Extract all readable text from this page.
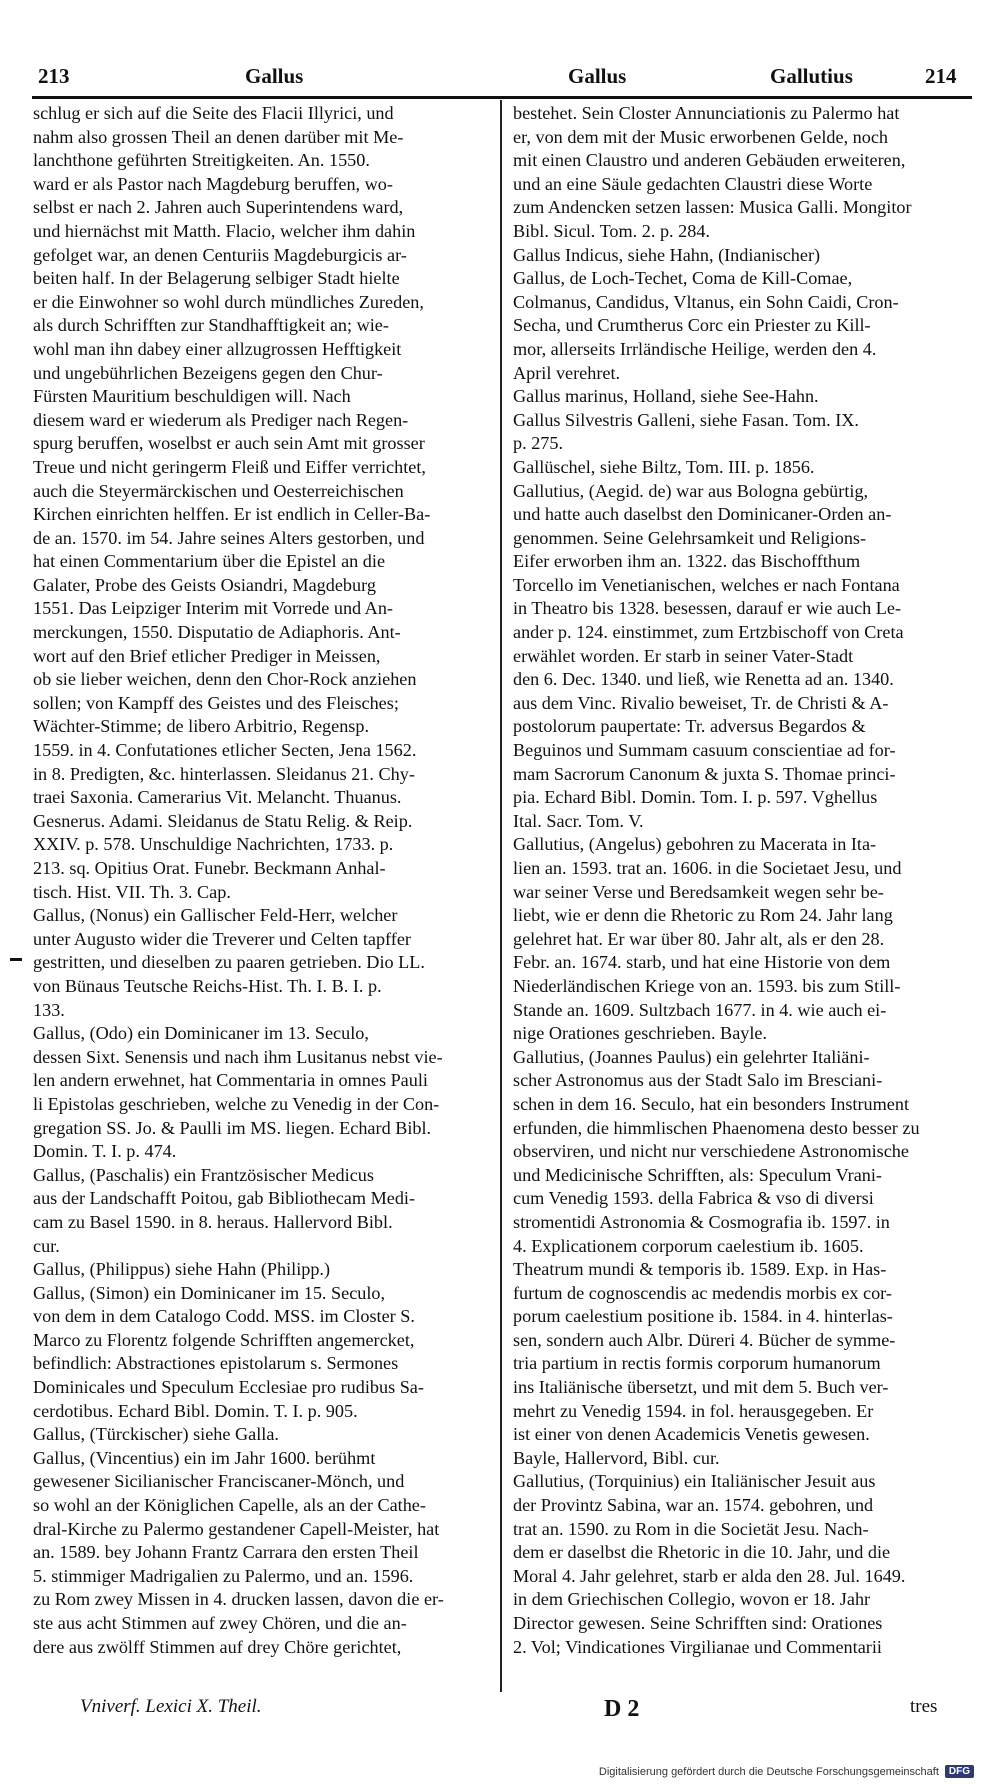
213	Gallus	Gallus	Gallutius	214
schlug er sich auf die Seite des Flacii Illyrici, und
nahm also grossen Theil an denen darüber mit Me-
lanchthone geführten Streitigkeiten. An. 1550.
ward er als Pastor nach Magdeburg beruffen, wo-
selbst er nach 2. Jahren auch Superintendens ward,
und hiernächst mit Matth. Flacio, welcher ihm dahin
gefolget war, an denen Centuriis Magdeburgicis ar-
beiten half. In der Belagerung selbiger Stadt hielte
er die Einwohner so wohl durch mündliches Zureden,
als durch Schrifften zur Standhafftigkeit an; wie-
wohl man ihn dabey einer allzugrossen Hefftigkeit
und ungebührlichen Bezeigens gegen den Chur-
Fürsten Mauritium beschuldigen will. Nach
diesem ward er wiederum als Prediger nach Regen-
spurg beruffen, woselbst er auch sein Amt mit grosser
Treue und nicht geringerm Fleiß und Eiffer verrichtet,
auch die Steyermärckischen und Oesterreichischen
Kirchen einrichten helffen. Er ist endlich in Celler-Ba-
de an. 1570. im 54. Jahre seines Alters gestorben, und
hat einen Commentarium über die Epistel an die
Galater, Probe des Geists Osiandri, Magdeburg
1551. Das Leipziger Interim mit Vorrede und An-
merckungen, 1550. Disputatio de Adiaphoris. Ant-
wort auf den Brief etlicher Prediger in Meissen,
ob sie lieber weichen, denn den Chor-Rock anziehen
sollen; von Kampff des Geistes und des Fleisches;
Wächter-Stimme; de libero Arbitrio, Regensp.
1559. in 4. Confutationes etlicher Secten, Jena 1562.
in 8. Predigten, &c. hinterlassen. Sleidanus 21. Chy-
traei Saxonia. Camerarius Vit. Melancht. Thuanus.
Gesnerus. Adami. Sleidanus de Statu Relig. & Reip.
XXIV. p. 578. Unschuldige Nachrichten, 1733. p.
213. sq. Opitius Orat. Funebr. Beckmann Anhal-
tisch. Hist. VII. Th. 3. Cap.
Gallus, (Nonus) ein Gallischer Feld-Herr, welcher
unter Augusto wider die Treverer und Celten tapffer
gestritten, und dieselben zu paaren getrieben. Dio LL.
von Bünaus Teutsche Reichs-Hist. Th. I. B. I. p.
133.
Gallus, (Odo) ein Dominicaner im 13. Seculo,
dessen Sixt. Senensis und nach ihm Lusitanus nebst vie-
len andern erwehnet, hat Commentaria in omnes Pauli
li Epistolas geschrieben, welche zu Venedig in der Con-
gregation SS. Jo. & Paulli im MS. liegen. Echard Bibl.
Domin. T. I. p. 474.
Gallus, (Paschalis) ein Frantzösischer Medicus
aus der Landschafft Poitou, gab Bibliothecam Medi-
cam zu Basel 1590. in 8. heraus. Hallervord Bibl.
cur.
Gallus, (Philippus) siehe Hahn (Philipp.)
Gallus, (Simon) ein Dominicaner im 15. Seculo,
von dem in dem Catalogo Codd. MSS. im Closter S.
Marco zu Florentz folgende Schrifften angemercket,
befindlich: Abstractiones epistolarum s. Sermones
Dominicales und Speculum Ecclesiae pro rudibus Sa-
cerdotibus. Echard Bibl. Domin. T. I. p. 905.
Gallus, (Türckischer) siehe Galla.
Gallus, (Vincentius) ein im Jahr 1600. berühmt
gewesener Sicilianischer Franciscaner-Mönch, und
so wohl an der Königlichen Capelle, als an der Cathe-
dral-Kirche zu Palermo gestandener Capell-Meister, hat
an. 1589. bey Johann Frantz Carrara den ersten Theil
5. stimmiger Madrigalien zu Palermo, und an. 1596.
zu Rom zwey Missen in 4. drucken lassen, davon die er-
ste aus acht Stimmen auf zwey Chören, und die an-
dere aus zwölff Stimmen auf drey Chöre gerichtet,
bestehet. Sein Closter Annunciationis zu Palermo hat
er, von dem mit der Music erworbenen Gelde, noch
mit einen Claustro und anderen Gebäuden erweiteren,
und an eine Säule gedachten Claustri diese Worte
zum Andencken setzen lassen: Musica Galli. Mongitor
Bibl. Sicul. Tom. 2. p. 284.
Gallus Indicus, siehe Hahn, (Indianischer)
Gallus, de Loch-Techet, Coma de Kill-Comae,
Colmanus, Candidus, Vltanus, ein Sohn Caidi, Cron-
Secha, und Crumtherus Corc ein Priester zu Kill-
mor, allerseits Irrländische Heilige, werden den 4.
April verehret.
Gallus marinus, Holland, siehe See-Hahn.
Gallus Silvestris Galleni, siehe Fasan. Tom. IX.
p. 275.
Gallüschel, siehe Biltz, Tom. III. p. 1856.
Gallutius, (Aegid. de) war aus Bologna gebürtig,
und hatte auch daselbst den Dominicaner-Orden an-
genommen. Seine Gelehrsamkeit und Religions-
Eifer erworben ihm an. 1322. das Bischoffthum
Torcello im Venetianischen, welches er nach Fontana
in Theatro bis 1328. besessen, darauf er wie auch Le-
ander p. 124. einstimmet, zum Ertzbischoff von Creta
erwählet worden. Er starb in seiner Vater-Stadt
den 6. Dec. 1340. und ließ, wie Renetta ad an. 1340.
aus dem Vinc. Rivalio beweiset, Tr. de Christi & A-
postolorum paupertate: Tr. adversus Begardos &
Beguinos und Summam casuum conscientiae ad for-
mam Sacrorum Canonum & juxta S. Thomae princi-
pia. Echard Bibl. Domin. Tom. I. p. 597. Vghellus
Ital. Sacr. Tom. V.
Gallutius, (Angelus) gebohren zu Macerata in Ita-
lien an. 1593. trat an. 1606. in die Societaet Jesu, und
war seiner Verse und Beredsamkeit wegen sehr be-
liebt, wie er denn die Rhetoric zu Rom 24. Jahr lang
gelehret hat. Er war über 80. Jahr alt, als er den 28.
Febr. an. 1674. starb, und hat eine Historie von dem
Niederländischen Kriege von an. 1593. bis zum Still-
Stande an. 1609. Sultzbach 1677. in 4. wie auch ei-
nige Orationes geschrieben. Bayle.
Gallutius, (Joannes Paulus) ein gelehrter Italiäni-
scher Astronomus aus der Stadt Salo im Bresciani-
schen in dem 16. Seculo, hat ein besonders Instrument
erfunden, die himmlischen Phaenomena desto besser zu
observiren, und nicht nur verschiedene Astronomische
und Medicinische Schrifften, als: Speculum Vrani-
cum Venedig 1593. della Fabrica & vso di diversi
stromentidi Astronomia & Cosmografia ib. 1597. in
4. Explicationem corporum caelestium ib. 1605.
Theatrum mundi & temporis ib. 1589. Exp. in Has-
furtum de cognoscendis ac medendis morbis ex cor-
porum caelestium positione ib. 1584. in 4. hinterlas-
sen, sondern auch Albr. Düreri 4. Bücher de symme-
tria partium in rectis formis corporum humanorum
ins Italiänische übersetzt, und mit dem 5. Buch ver-
mehrt zu Venedig 1594. in fol. herausgegeben. Er
ist einer von denen Academicis Venetis gewesen.
Bayle, Hallervord, Bibl. cur.
Gallutius, (Torquinius) ein Italiänischer Jesuit aus
der Provintz Sabina, war an. 1574. gebohren, und
trat an. 1590. zu Rom in die Societät Jesu. Nach-
dem er daselbst die Rhetoric in die 10. Jahr, und die
Moral 4. Jahr gelehret, starb er alda den 28. Jul. 1649.
in dem Griechischen Collegio, wovon er 18. Jahr
Director gewesen. Seine Schrifften sind: Orationes
2. Vol; Vindicationes Virgilianae und Commentarii
Vniverf. Lexici X. Theil.	D 2	tres
Digitalisierung gefördert durch die Deutsche Forschungsgemeinschaft	DFG
